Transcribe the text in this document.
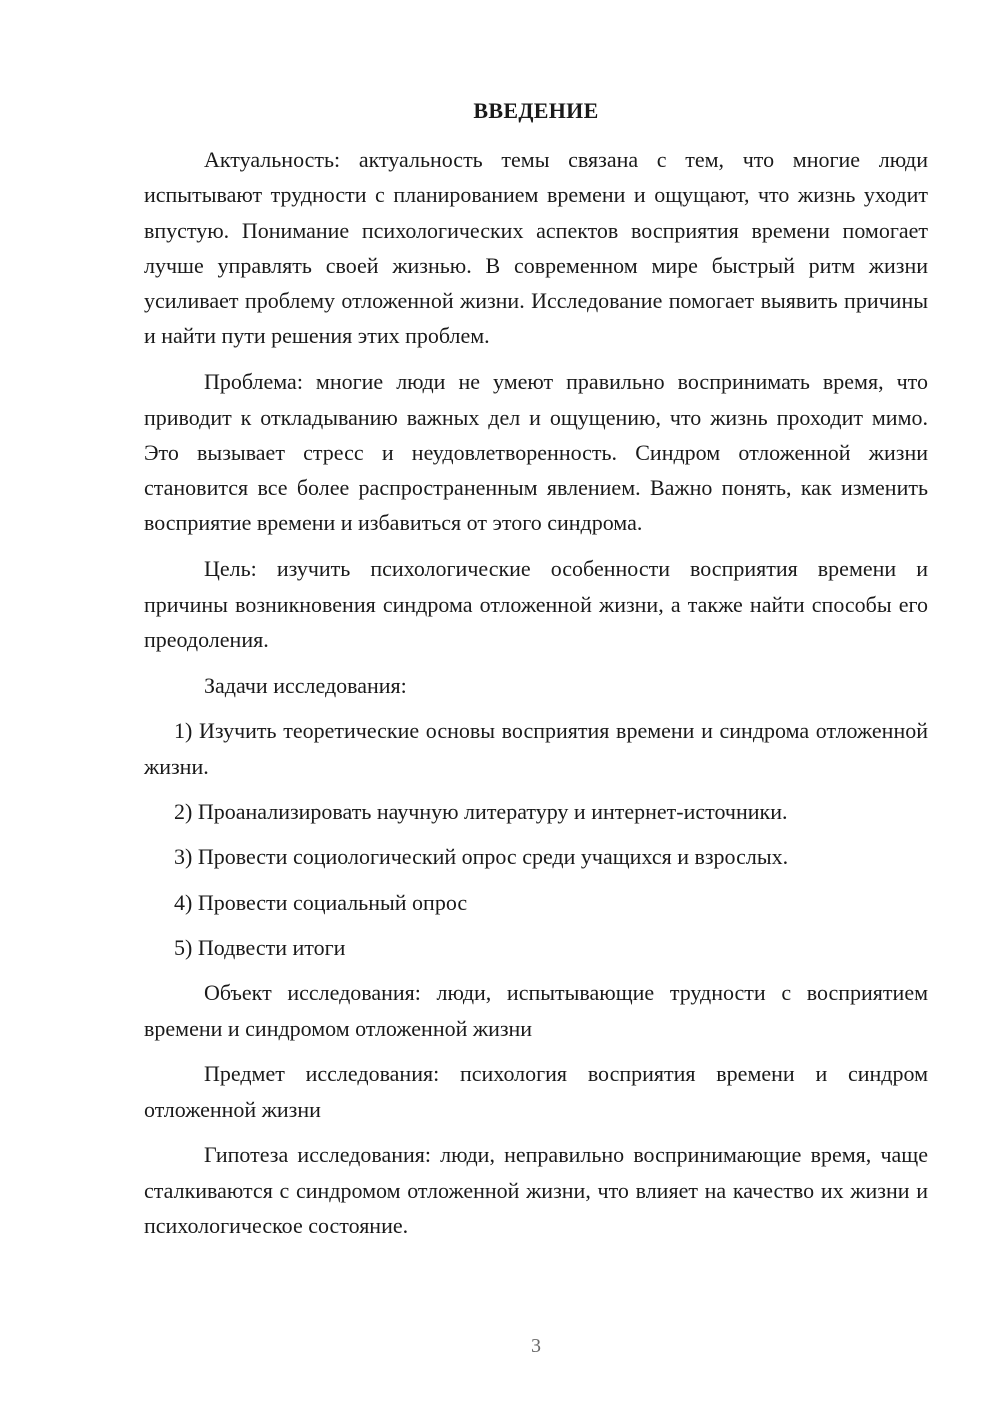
ВВЕДЕНИЕ

Актуальность: актуальность темы связана с тем, что многие люди испытывают трудности с планированием времени и ощущают, что жизнь уходит впустую. Понимание психологических аспектов восприятия времени помогает лучше управлять своей жизнью. В современном мире быстрый ритм жизни усиливает проблему отложенной жизни. Исследование помогает выявить причины и найти пути решения этих проблем.

Проблема: многие люди не умеют правильно воспринимать время, что приводит к откладыванию важных дел и ощущению, что жизнь проходит мимо. Это вызывает стресс и неудовлетворенность. Синдром отложенной жизни становится все более распространенным явлением. Важно понять, как изменить восприятие времени и избавиться от этого синдрома.

Цель: изучить психологические особенности восприятия времени и причины возникновения синдрома отложенной жизни, а также найти способы его преодоления.

Задачи исследования:

1) Изучить теоретические основы восприятия времени и синдрома отложенной жизни.

2) Проанализировать научную литературу и интернет-источники.

3) Провести социологический опрос среди учащихся и взрослых.

4) Провести социальный опрос

5) Подвести итоги

Объект исследования: люди, испытывающие трудности с восприятием времени и синдромом отложенной жизни

Предмет исследования: психология восприятия времени и синдром отложенной жизни

Гипотеза исследования: люди, неправильно воспринимающие время, чаще сталкиваются с синдромом отложенной жизни, что влияет на качество их жизни и психологическое состояние.

3
